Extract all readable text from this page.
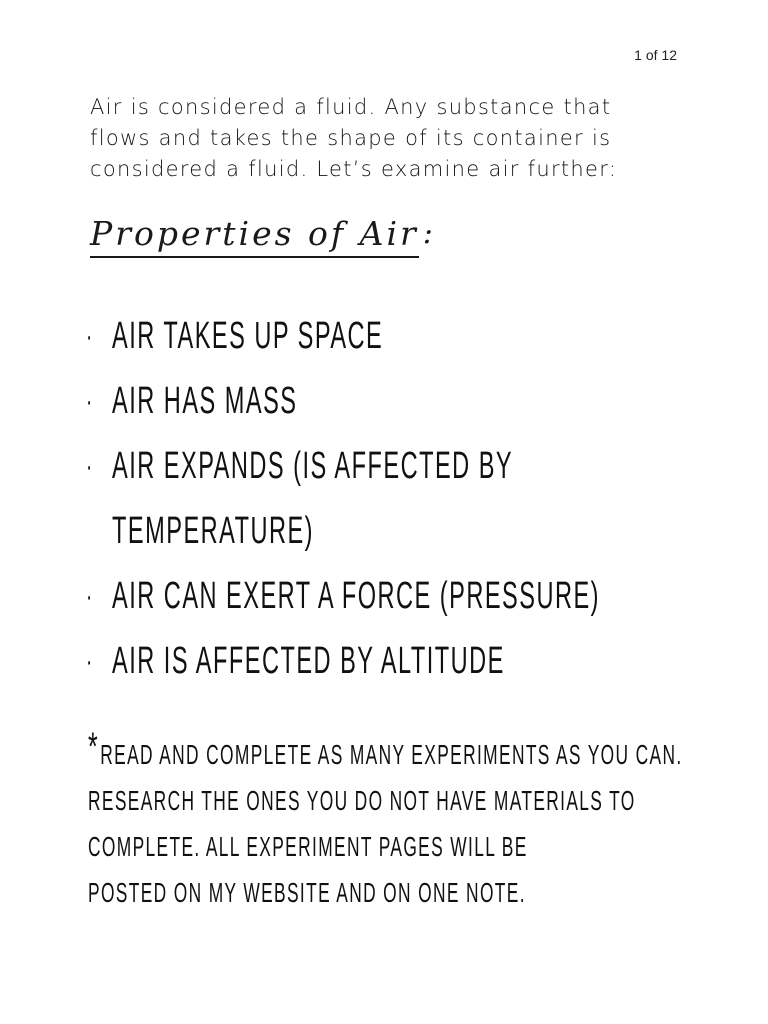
1 of 12
Air is considered a fluid. Any substance that
flows and takes the shape of its container is
considered a fluid. Let’s examine air further:
Properties of Air :
· AIR TAKES UP SPACE
· AIR HAS MASS
· AIR EXPANDS (IS AFFECTED BY
TEMPERATURE)
· AIR CAN EXERT A FORCE (PRESSURE)
· AIR IS AFFECTED BY ALTITUDE
*READ AND COMPLETE AS MANY EXPERIMENTS AS YOU CAN.
RESEARCH THE ONES YOU DO NOT HAVE MATERIALS TO
COMPLETE. ALL EXPERIMENT PAGES WILL BE
POSTED ON MY WEBSITE AND ON ONE NOTE.
